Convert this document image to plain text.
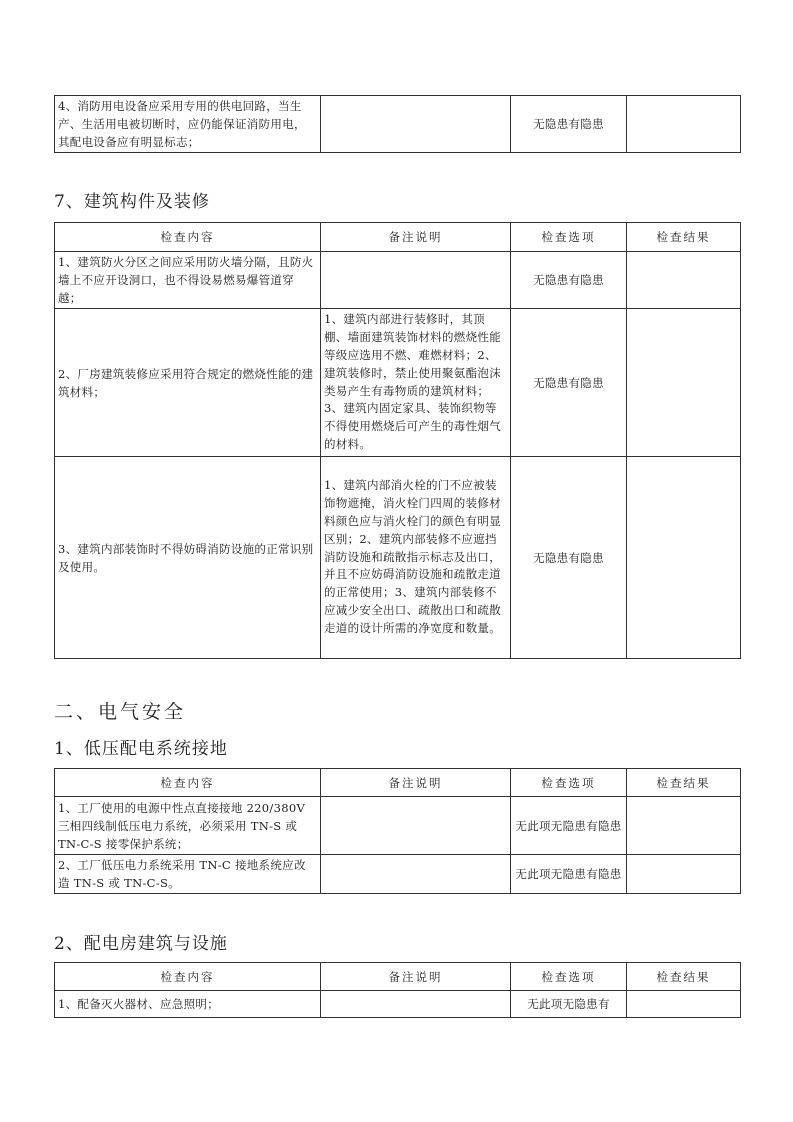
4、消防用电设备应采用专用的供电回路，当生产、生活用电被切断时，应仍能保证消防用电，其配电设备应有明显标志；		无隐患有隐患	
7、建筑构件及装修
检查内容	备注说明	检查选项	检查结果
1、建筑防火分区之间应采用防火墙分隔，且防火墙上不应开设洞口，也不得设易燃易爆管道穿越；		无隐患有隐患	
2、厂房建筑装修应采用符合规定的燃烧性能的建筑材料；	1、建筑内部进行装修时，其顶棚、墙面建筑装饰材料的燃烧性能等级应选用不燃、难燃材料；2、建筑装修时，禁止使用聚氨酯泡沫类易产生有毒物质的建筑材料；3、建筑内固定家具、装饰织物等不得使用燃烧后可产生的毒性烟气的材料。	无隐患有隐患	
3、建筑内部装饰时不得妨碍消防设施的正常识别及使用。	1、建筑内部消火栓的门不应被装饰物遮掩，消火栓门四周的装修材料颜色应与消火栓门的颜色有明显区别；2、建筑内部装修不应遮挡消防设施和疏散指示标志及出口，并且不应妨碍消防设施和疏散走道的正常使用；3、建筑内部装修不应减少安全出口、疏散出口和疏散走道的设计所需的净宽度和数量。	无隐患有隐患	
二、电气安全
1、低压配电系统接地
检查内容	备注说明	检查选项	检查结果
1、工厂使用的电源中性点直接接地 220/380V 三相四线制低压电力系统，必须采用 TN-S 或 TN-C-S 接零保护系统；		无此项无隐患有隐患	
2、工厂低压电力系统采用 TN-C 接地系统应改造 TN-S 或 TN-C-S。		无此项无隐患有隐患	
2、配电房建筑与设施
检查内容	备注说明	检查选项	检查结果
1、配备灭火器材、应急照明；		无此项无隐患有	
